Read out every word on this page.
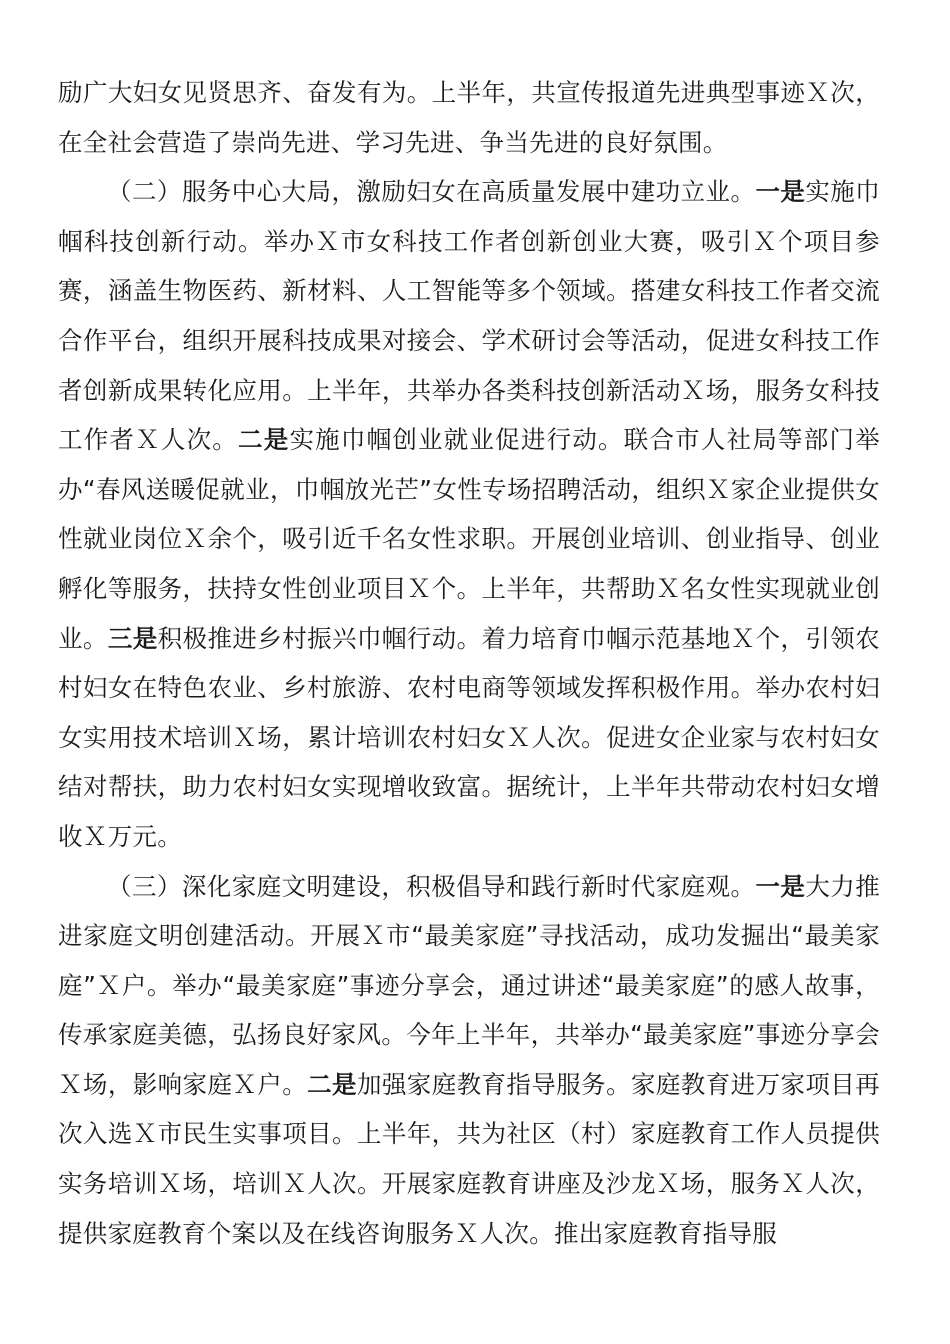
励广大妇女见贤思齐、奋发有为。上半年，共宣传报道先进典型事迹Ｘ次，在全社会营造了崇尚先进、学习先进、争当先进的良好氛围。

（二）服务中心大局，激励妇女在高质量发展中建功立业。一是实施巾帼科技创新行动。举办Ｘ市女科技工作者创新创业大赛，吸引Ｘ个项目参赛，涵盖生物医药、新材料、人工智能等多个领域。搭建女科技工作者交流合作平台，组织开展科技成果对接会、学术研讨会等活动，促进女科技工作者创新成果转化应用。上半年，共举办各类科技创新活动Ｘ场，服务女科技工作者Ｘ人次。二是实施巾帼创业就业促进行动。联合市人社局等部门举办“春风送暖促就业，巾帼放光芒”女性专场招聘活动，组织Ｘ家企业提供女性就业岗位Ｘ余个，吸引近千名女性求职。开展创业培训、创业指导、创业孵化等服务，扶持女性创业项目Ｘ个。上半年，共帮助Ｘ名女性实现就业创业。三是积极推进乡村振兴巾帼行动。着力培育巾帼示范基地Ｘ个，引领农村妇女在特色农业、乡村旅游、农村电商等领域发挥积极作用。举办农村妇女实用技术培训Ｘ场，累计培训农村妇女Ｘ人次。促进女企业家与农村妇女结对帮扶，助力农村妇女实现增收致富。据统计，上半年共带动农村妇女增收Ｘ万元。

（三）深化家庭文明建设，积极倡导和践行新时代家庭观。一是大力推进家庭文明创建活动。开展Ｘ市“最美家庭”寻找活动，成功发掘出“最美家庭”Ｘ户。举办“最美家庭”事迹分享会，通过讲述“最美家庭”的感人故事，传承家庭美德，弘扬良好家风。今年上半年，共举办“最美家庭”事迹分享会Ｘ场，影响家庭Ｘ户。二是加强家庭教育指导服务。家庭教育进万家项目再次入选Ｘ市民生实事项目。上半年，共为社区（村）家庭教育工作人员提供实务培训Ｘ场，培训Ｘ人次。开展家庭教育讲座及沙龙Ｘ场，服务Ｘ人次，提供家庭教育个案以及在线咨询服务Ｘ人次。推出家庭教育指导服
